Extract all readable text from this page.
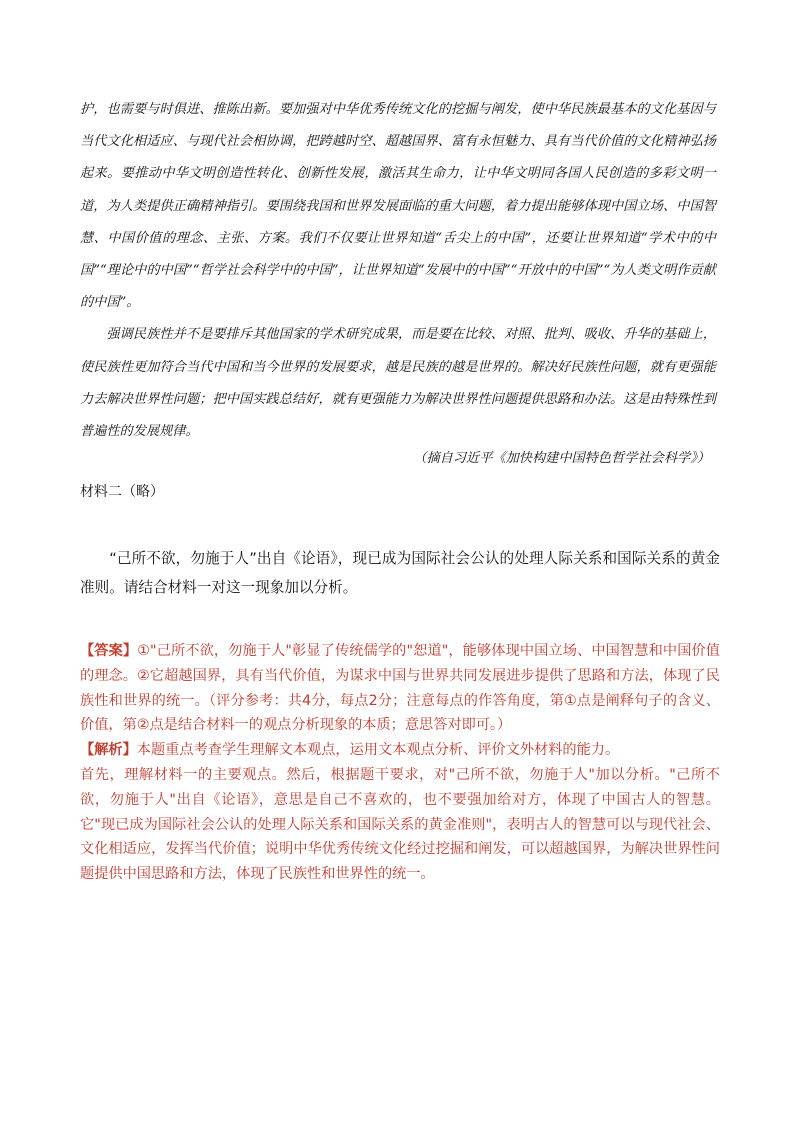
护，也需要与时俱进、推陈出新。要加强对中华优秀传统文化的挖掘与阐发，使中华民族最基本的文化基因与当代文化相适应、与现代社会相协调，把跨越时空、超越国界、富有永恒魅力、具有当代价值的文化精神弘扬起来。要推动中华文明创造性转化、创新性发展，激活其生命力，让中华文明同各国人民创造的多彩文明一道，为人类提供正确精神指引。要围绕我国和世界发展面临的重大问题，着力提出能够体现中国立场、中国智慧、中国价值的理念、主张、方案。我们不仅要让世界知道“舌尖上的中国”，还要让世界知道“学术中的中国”“理论中的中国”“哲学社会科学中的中国”，让世界知道“发展中的中国”“开放中的中国”“为人类文明作贡献的中国”。

强调民族性并不是要排斥其他国家的学术研究成果，而是要在比较、对照、批判、吸收、升华的基础上，使民族性更加符合当代中国和当今世界的发展要求，越是民族的越是世界的。解决好民族性问题，就有更强能力去解决世界性问题；把中国实践总结好，就有更强能力为解决世界性问题提供思路和办法。这是由特殊性到普遍性的发展规律。

（摘自习近平《加快构建中国特色哲学社会科学》）
材料二（略）
“己所不欲，勿施于人”出自《论语》，现已成为国际社会公认的处理人际关系和国际关系的黄金准则。请结合材料一对这一现象加以分析。

【答案】①"己所不欲，勿施于人"彰显了传统儒学的"恕道"，能够体现中国立场、中国智慧和中国价值的理念。②它超越国界，具有当代价值，为谋求中国与世界共同发展进步提供了思路和方法，体现了民族性和世界的统一。（评分参考：共4分，每点2分；注意每点的作答角度，第①点是阐释句子的含义、价值，第②点是结合材料一的观点分析现象的本质；意思答对即可。）

【解析】本题重点考查学生理解文本观点，运用文本观点分析、评价文外材料的能力。

首先，理解材料一的主要观点。然后，根据题干要求，对"己所不欲，勿施于人"加以分析。"己所不欲，勿施于人"出自《论语》，意思是自己不喜欢的，也不要强加给对方，体现了中国古人的智慧。它"现已成为国际社会公认的处理人际关系和国际关系的黄金准则"，表明古人的智慧可以与现代社会、文化相适应，发挥当代价值；说明中华优秀传统文化经过挖掘和阐发，可以超越国界，为解决世界性问题提供中国思路和方法，体现了民族性和世界性的统一。
